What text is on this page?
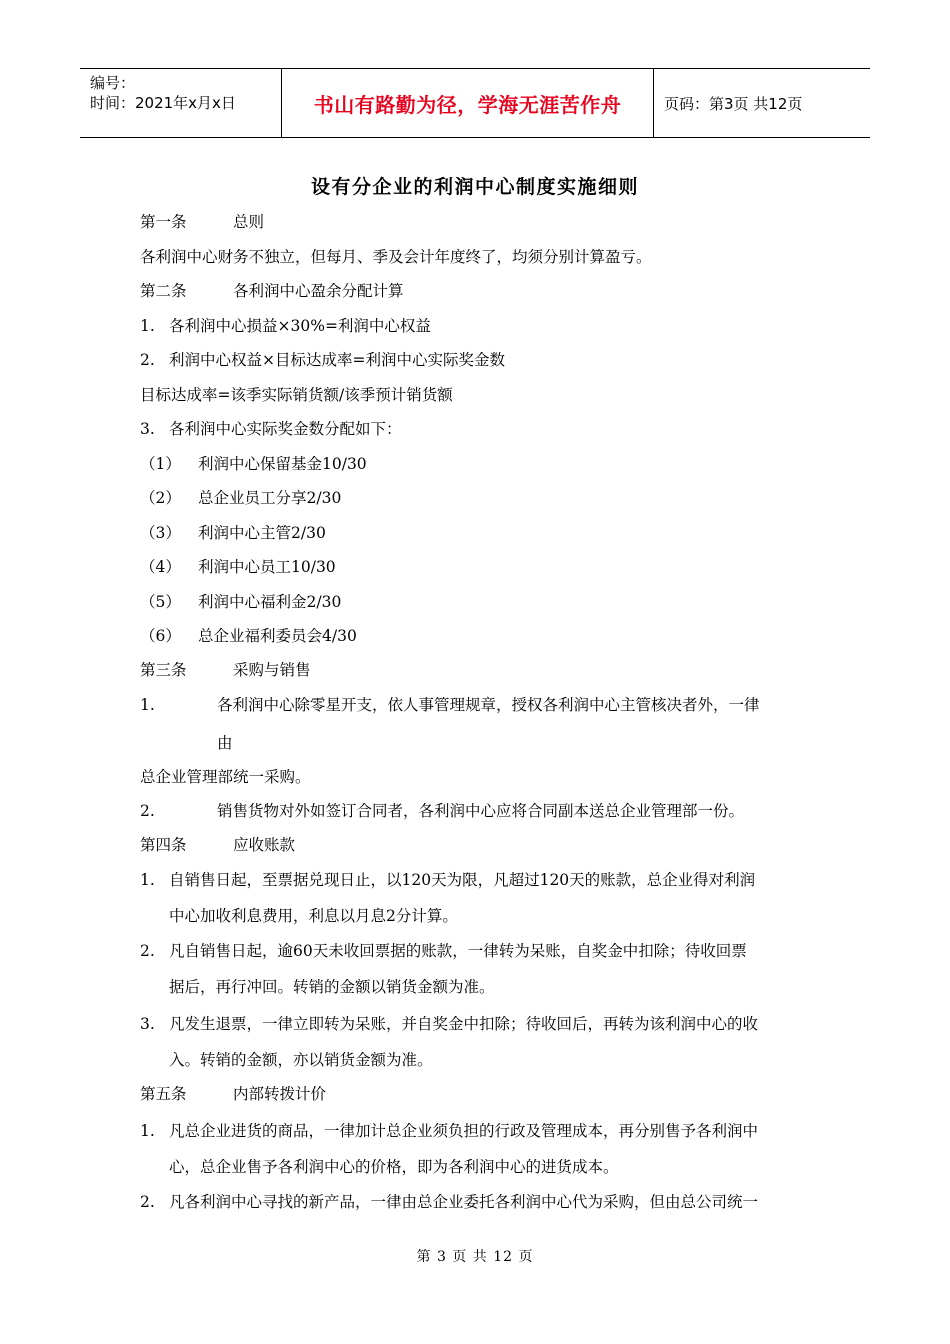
编号：
时间：2021年x月x日	书山有路勤为径，学海无涯苦作舟	页码：第3页 共12页
设有分企业的利润中心制度实施细则
第一条	总则
各利润中心财务不独立，但每月、季及会计年度终了，均须分别计算盈亏。
第二条	各利润中心盈余分配计算
1. 各利润中心损益×30%=利润中心权益
2. 利润中心权益×目标达成率=利润中心实际奖金数
目标达成率=该季实际销货额/该季预计销货额
3. 各利润中心实际奖金数分配如下：
（1） 利润中心保留基金10/30
（2） 总企业员工分享2/30
（3） 利润中心主管2/30
（4） 利润中心员工10/30
（5） 利润中心福利金2/30
（6） 总企业福利委员会4/30
第三条	采购与销售
1.	各利润中心除零星开支，依人事管理规章，授权各利润中心主管核决者外，一律
由
总企业管理部统一采购。
2.	销售货物对外如签订合同者，各利润中心应将合同副本送总企业管理部一份。
第四条	应收账款
1. 自销售日起，至票据兑现日止，以120天为限，凡超过120天的账款，总企业得对利润
中心加收利息费用，利息以月息2分计算。
2. 凡自销售日起，逾60天未收回票据的账款，一律转为呆账，自奖金中扣除；待收回票
据后，再行冲回。转销的金额以销货金额为准。
3. 凡发生退票，一律立即转为呆账，并自奖金中扣除；待收回后，再转为该利润中心的收
入。转销的金额，亦以销货金额为准。
第五条	内部转拨计价
1. 凡总企业进货的商品，一律加计总企业须负担的行政及管理成本，再分别售予各利润中
心，总企业售予各利润中心的价格，即为各利润中心的进货成本。
2. 凡各利润中心寻找的新产品，一律由总企业委托各利润中心代为采购，但由总公司统一
第 3 页 共 12 页
